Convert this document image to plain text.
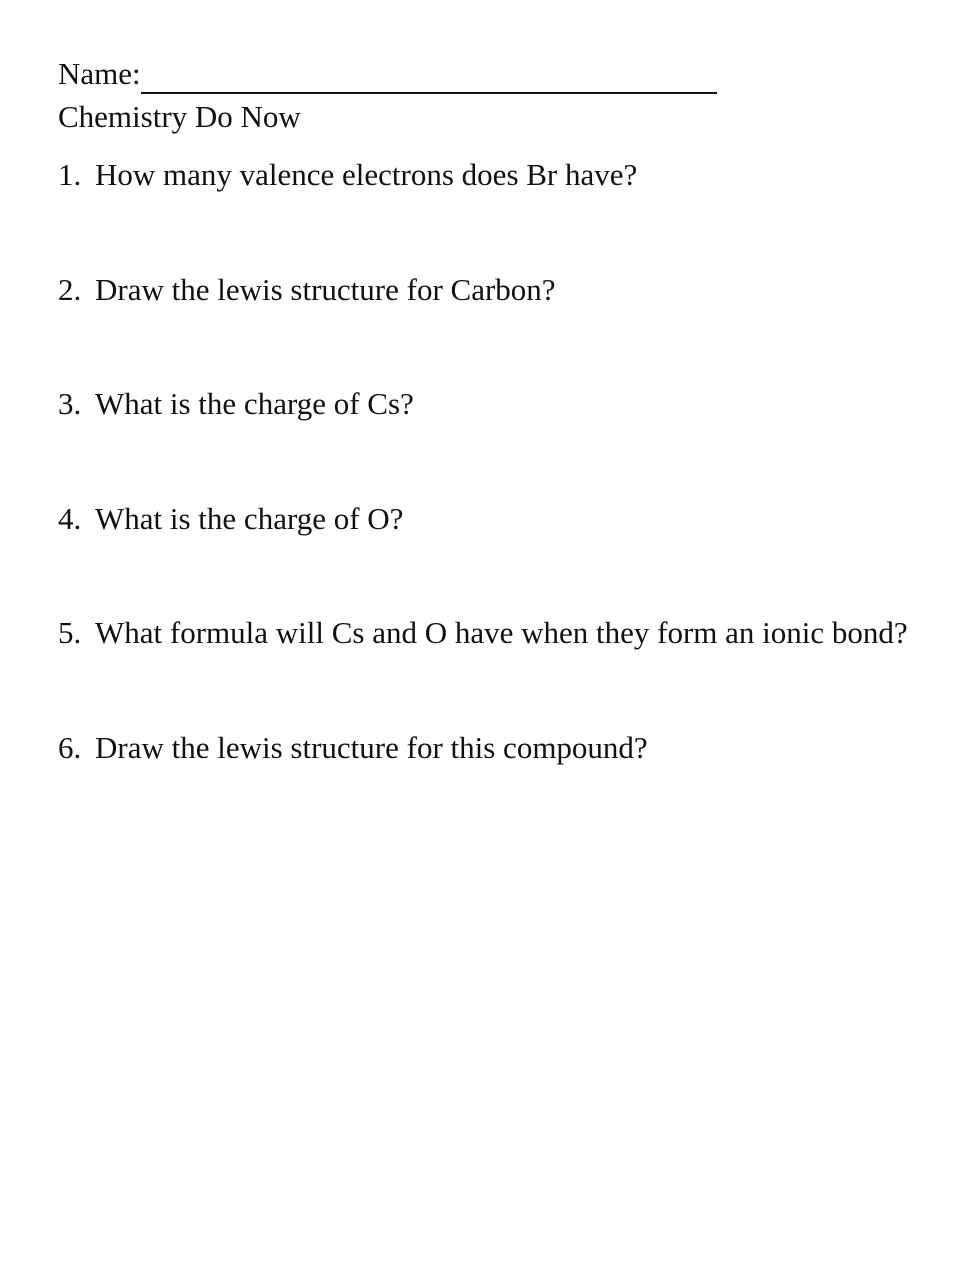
Name:
Chemistry Do Now
1. How many valence electrons does Br have?
2. Draw the lewis structure for Carbon?
3. What is the charge of Cs?
4. What is the charge of O?
5. What formula will Cs and O have when they form an ionic bond?
6. Draw the lewis structure for this compound?
